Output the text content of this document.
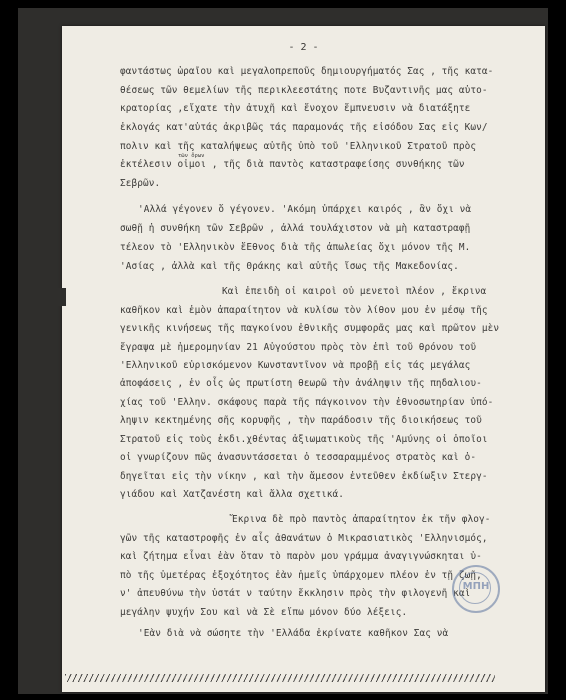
- 2 -
φαντάστως ὡραῖου καὶ μεγαλοπρεποῦς δημιουργήματός Σας , τῆς κατα-
θέσεως τῶν θεμελίων τῆς περικλεεστάτης ποτε Βυζαντινῆς μας αὐτο-
κρατορίας ,εἴχατε τὴν ἀτυχῆ καὶ ἔνοχον ἔμπνευσιν νὰ διατάξητε
ἐκλογάς κατ'αὐτάς ἀκριβῶς τάς παραμονάς τῆς εἰσόδου Σας εἰς Κων/
πολιν καὶ τῆς καταλήψεως αὐτῆς ὑπὸ τοῦ 'Ελληνικοῦ Στρατοῦ πρὸς
τῶν ὅρων
ἐκτέλεσιν οἱμοι , τῆς διὰ παντὸς καταστραφείσης συνθήκης τῶν
Σεβρῶν.
'Αλλά γέγονεν ὅ γέγονεν. 'Ακόμη ὑπάρχει καιρός , ἂν ὄχι νὰ
σωθῇ ἡ συνθήκη τῶν Σεβρῶν , ἀλλά τουλάχιστον νὰ μὴ καταστραφῇ
τέλεον τὸ 'Ελληνικὸν ἔΕθνος διὰ τῆς ἀπωλείας ὄχι μόνον τῆς Μ.
'Ασίας , ἀλλὰ καὶ τῆς Θράκης καὶ αὐτῆς ἴσως τῆς Μακεδονίας.
Καὶ ἐπειδὴ οἱ καιροὶ οὐ μενετοὶ πλέον , ἔκρινα
καθῆκον καὶ ἐμὸν ἀπαραίτητον νὰ κυλίσω τὸν λίθον μου ἐν μέσῳ τῆς
γενικῆς κινήσεως τῆς παγκοίνου ἐθνικῆς συμφορᾶς μας καὶ πρῶτον μὲν
ἔγραψα μὲ ἡμερομηνίαν 21 Αὐγούστου πρὸς τὸν ἐπὶ τοῦ θρόνου τοῦ
'Ελληνικοῦ εὑρισκόμενον Κωνσταντῖνον νὰ προβῇ εἰς τάς μεγάλας
ἀποφάσεις , ἐν οἷς ὡς πρωτίστη θεωρῶ τὴν ἀνάληψιν τῆς πηδαλιου-
χίας τοῦ 'Ελλην. σκάφους παρὰ τῆς πάγκοινον τὴν ἐθνοσωτηρίαν ὑπό-
ληψιν κεκτημένης σῆς κορυφῆς , τὴν παράδοσιν τῆς διοικήσεως τοῦ
Στρατοῦ εἰς τοὺς ἐκδι.χθέντας ἀξιωματικοὺς τῆς 'Αμύνης οἱ ὁποῖοι
οἱ γνωρίζουν πῶς ἀνασυντάσσεται ὁ τεσσαραμμένος στρατὸς καὶ ὁ-
δηγεῖται εἰς τὴν νίκην , καὶ τὴν ἄμεσον ἐντεῦθεν ἐκδίωξιν Στεργ-
γιάδου καὶ Χατζανέστη καὶ ἄλλα σχετικά.
Ἔκρινα δὲ πρὸ παντὸς ἀπαραίτητον ἐκ τῆν φλογ-
γῶν τῆς καταστροφῆς ἐν αἷς ἀθανάτων ὁ Μικρασιατικὸς 'Ελληνισμός,
καὶ ζήτημα εἶναι ἐὰν ὅταν τὸ παρὸν μου γράμμα ἀναγιγνώσκηται ὑ-
πὸ τῆς ὑμετέρας ἐξοχότητος ἐὰν ἡμεῖς ὑπάρχομεν πλέον ἐν τῇ ζωῇ,
ν' ἀπευθύνω τὴν ὑστάτ ν ταύτην ἔκκλησιν πρὸς τὴν φιλογενῆ καὶ
μεγάλην ψυχήν Σου καὶ νὰ Σὲ εἴπω μόνον δύο λέξεις.
'Εὰν διὰ νὰ σώσητε τὴν 'Ελλάδα ἐκρίνατε καθῆκον Σας νὰ
ΜΠΗ
